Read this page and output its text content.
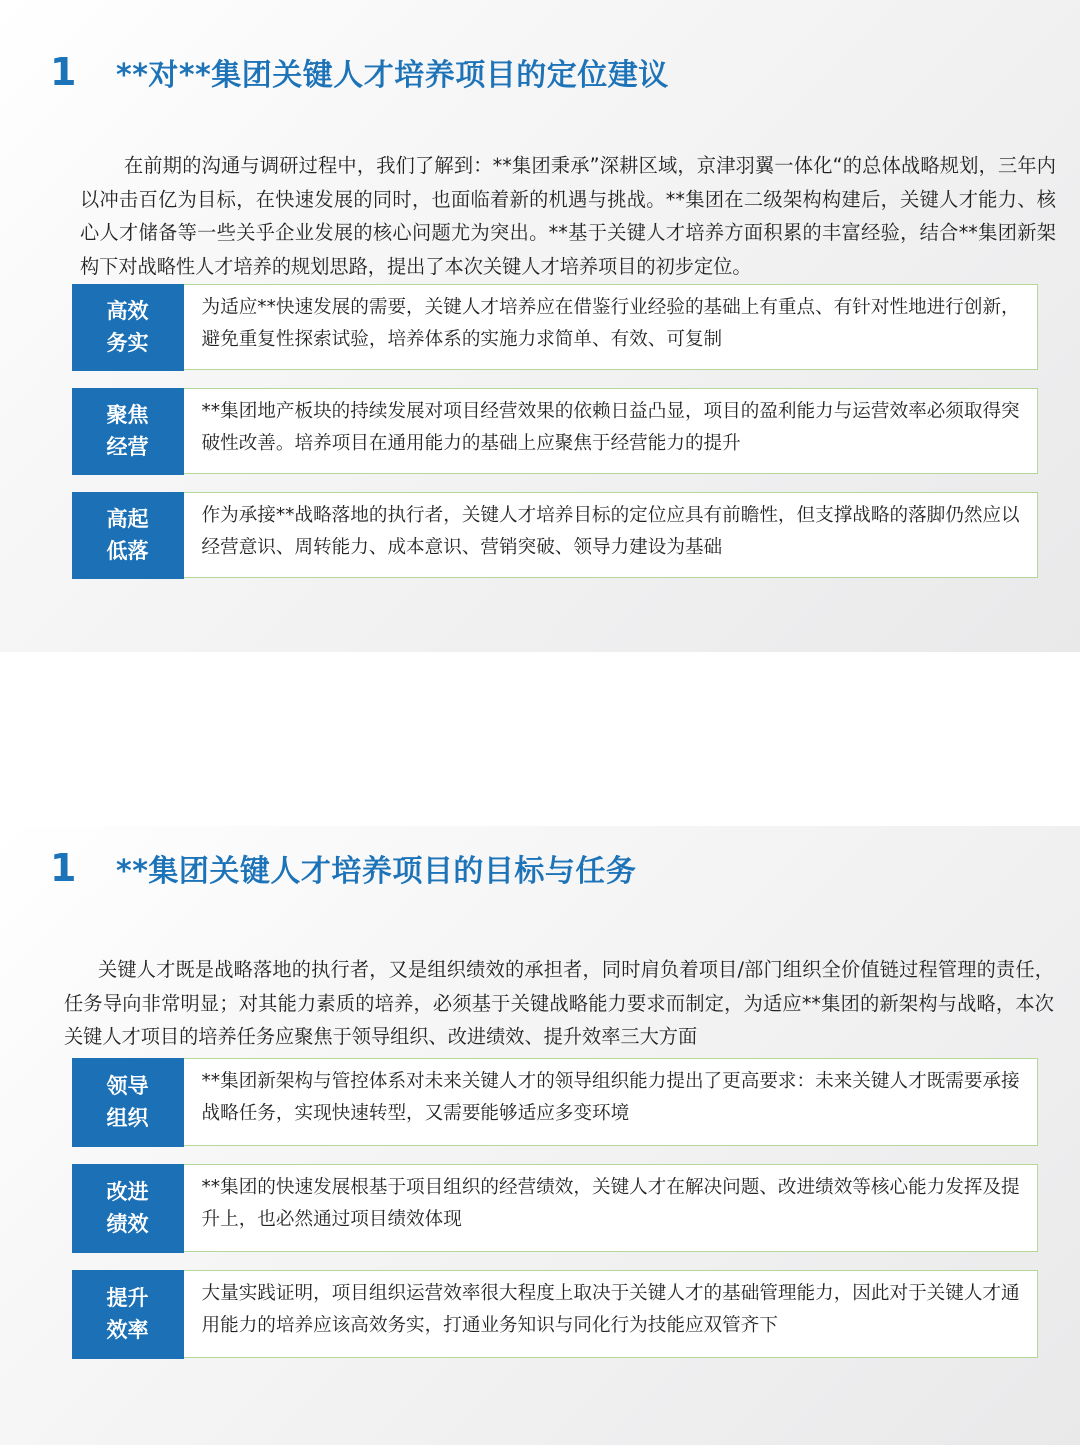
1	**对**集团关键人才培养项目的定位建议

在前期的沟通与调研过程中，我们了解到：**集团秉承”深耕区域，京津羽翼一体化“的总体战略规划，三年内以冲击百亿为目标，在快速发展的同时，也面临着新的机遇与挑战。**集团在二级架构构建后，关键人才能力、核心人才储备等一些关乎企业发展的核心问题尤为突出。**基于关键人才培养方面积累的丰富经验，结合**集团新架构下对战略性人才培养的规划思路，提出了本次关键人才培养项目的初步定位。

高效
务实
为适应**快速发展的需要，关键人才培养应在借鉴行业经验的基础上有重点、有针对性地进行创新，避免重复性探索试验，培养体系的实施力求简单、有效、可复制
聚焦
经营
**集团地产板块的持续发展对项目经营效果的依赖日益凸显，项目的盈利能力与运营效率必须取得突破性改善。培养项目在通用能力的基础上应聚焦于经营能力的提升
高起
低落
作为承接**战略落地的执行者，关键人才培养目标的定位应具有前瞻性，但支撑战略的落脚仍然应以经营意识、周转能力、成本意识、营销突破、领导力建设为基础
1	**集团关键人才培养项目的目标与任务

关键人才既是战略落地的执行者，又是组织绩效的承担者，同时肩负着项目/部门组织全价值链过程管理的责任，任务导向非常明显；对其能力素质的培养，必须基于关键战略能力要求而制定，为适应**集团的新架构与战略，本次关键人才项目的培养任务应聚焦于领导组织、改进绩效、提升效率三大方面

领导
组织
**集团新架构与管控体系对未来关键人才的领导组织能力提出了更高要求：未来关键人才既需要承接战略任务，实现快速转型，又需要能够适应多变环境
改进
绩效
**集团的快速发展根基于项目组织的经营绩效，关键人才在解决问题、改进绩效等核心能力发挥及提升上，也必然通过项目绩效体现
提升
效率
大量实践证明，项目组织运营效率很大程度上取决于关键人才的基础管理能力，因此对于关键人才通用能力的培养应该高效务实，打通业务知识与同化行为技能应双管齐下
